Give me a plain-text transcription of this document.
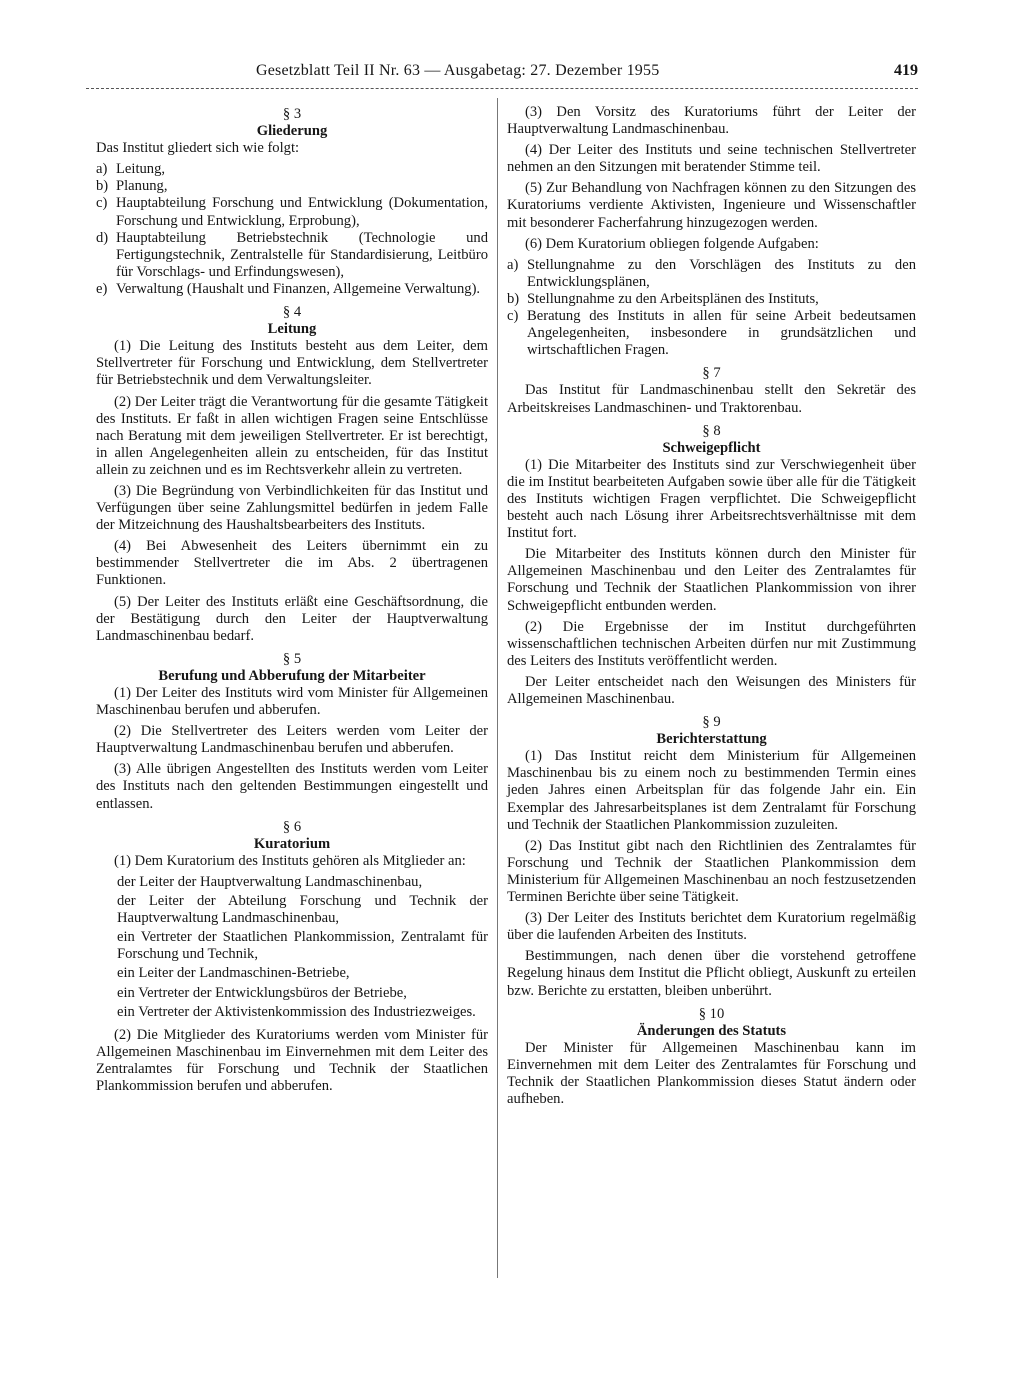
Gesetzblatt Teil II Nr. 63 — Ausgabetag: 27. Dezember 1955	419
§ 3
Gliederung

Das Institut gliedert sich wie folgt:

a) Leitung,
b) Planung,
c) Hauptabteilung Forschung und Entwicklung (Dokumentation, Forschung und Entwicklung, Erprobung),
d) Hauptabteilung Betriebstechnik (Technologie und Fertigungstechnik, Zentralstelle für Standardisierung, Leitbüro für Vorschlags- und Erfindungswesen),
e) Verwaltung (Haushalt und Finanzen, Allgemeine Verwaltung).
§ 4
Leitung

(1) Die Leitung des Instituts besteht aus dem Leiter, dem Stellvertreter für Forschung und Entwicklung, dem Stellvertreter für Betriebstechnik und dem Verwaltungsleiter.

(2) Der Leiter trägt die Verantwortung für die gesamte Tätigkeit des Instituts. Er faßt in allen wichtigen Fragen seine Entschlüsse nach Beratung mit dem jeweiligen Stellvertreter. Er ist berechtigt, in allen Angelegenheiten allein zu entscheiden, für das Institut allein zu zeichnen und es im Rechtsverkehr allein zu vertreten.

(3) Die Begründung von Verbindlichkeiten für das Institut und Verfügungen über seine Zahlungsmittel bedürfen in jedem Falle der Mitzeichnung des Haushaltsbearbeiters des Instituts.

(4) Bei Abwesenheit des Leiters übernimmt ein zu bestimmender Stellvertreter die im Abs. 2 übertragenen Funktionen.

(5) Der Leiter des Instituts erläßt eine Geschäftsordnung, die der Bestätigung durch den Leiter der Hauptverwaltung Landmaschinenbau bedarf.

§ 5
Berufung und Abberufung der Mitarbeiter

(1) Der Leiter des Instituts wird vom Minister für Allgemeinen Maschinenbau berufen und abberufen.

(2) Die Stellvertreter des Leiters werden vom Leiter der Hauptverwaltung Landmaschinenbau berufen und abberufen.

(3) Alle übrigen Angestellten des Instituts werden vom Leiter des Instituts nach den geltenden Bestimmungen eingestellt und entlassen.

§ 6
Kuratorium

(1) Dem Kuratorium des Instituts gehören als Mitglieder an:

der Leiter der Hauptverwaltung Landmaschinenbau,
der Leiter der Abteilung Forschung und Technik der Hauptverwaltung Landmaschinenbau,
ein Vertreter der Staatlichen Plankommission, Zentralamt für Forschung und Technik,
ein Leiter der Landmaschinen-Betriebe,
ein Vertreter der Entwicklungsbüros der Betriebe,
ein Vertreter der Aktivistenkommission des Industriezweiges.

(2) Die Mitglieder des Kuratoriums werden vom Minister für Allgemeinen Maschinenbau im Einvernehmen mit dem Leiter des Zentralamtes für Forschung und Technik der Staatlichen Plankommission berufen und abberufen.

(3) Den Vorsitz des Kuratoriums führt der Leiter der Hauptverwaltung Landmaschinenbau.

(4) Der Leiter des Instituts und seine technischen Stellvertreter nehmen an den Sitzungen mit beratender Stimme teil.

(5) Zur Behandlung von Nachfragen können zu den Sitzungen des Kuratoriums verdiente Aktivisten, Ingenieure und Wissenschaftler mit besonderer Facherfahrung hinzugezogen werden.

(6) Dem Kuratorium obliegen folgende Aufgaben:

a) Stellungnahme zu den Vorschlägen des Instituts zu den Entwicklungsplänen,
b) Stellungnahme zu den Arbeitsplänen des Instituts,
c) Beratung des Instituts in allen für seine Arbeit bedeutsamen Angelegenheiten, insbesondere in grundsätzlichen und wirtschaftlichen Fragen.
§ 7

Das Institut für Landmaschinenbau stellt den Sekretär des Arbeitskreises Landmaschinen- und Traktorenbau.

§ 8
Schweigepflicht

(1) Die Mitarbeiter des Instituts sind zur Verschwiegenheit über die im Institut bearbeiteten Aufgaben sowie über alle für die Tätigkeit des Instituts wichtigen Fragen verpflichtet. Die Schweigepflicht besteht auch nach Lösung ihrer Arbeitsrechtsverhältnisse mit dem Institut fort.

Die Mitarbeiter des Instituts können durch den Minister für Allgemeinen Maschinenbau und den Leiter des Zentralamtes für Forschung und Technik der Staatlichen Plankommission von ihrer Schweigepflicht entbunden werden.

(2) Die Ergebnisse der im Institut durchgeführten wissenschaftlichen technischen Arbeiten dürfen nur mit Zustimmung des Leiters des Instituts veröffentlicht werden.

Der Leiter entscheidet nach den Weisungen des Ministers für Allgemeinen Maschinenbau.

§ 9
Berichterstattung

(1) Das Institut reicht dem Ministerium für Allgemeinen Maschinenbau bis zu einem noch zu bestimmenden Termin eines jeden Jahres einen Arbeitsplan für das folgende Jahr ein. Ein Exemplar des Jahresarbeitsplanes ist dem Zentralamt für Forschung und Technik der Staatlichen Plankommission zuzuleiten.

(2) Das Institut gibt nach den Richtlinien des Zentralamtes für Forschung und Technik der Staatlichen Plankommission dem Ministerium für Allgemeinen Maschinenbau an noch festzusetzenden Terminen Berichte über seine Tätigkeit.

(3) Der Leiter des Instituts berichtet dem Kuratorium regelmäßig über die laufenden Arbeiten des Instituts.

Bestimmungen, nach denen über die vorstehend getroffene Regelung hinaus dem Institut die Pflicht obliegt, Auskunft zu erteilen bzw. Berichte zu erstatten, bleiben unberührt.

§ 10
Änderungen des Statuts

Der Minister für Allgemeinen Maschinenbau kann im Einvernehmen mit dem Leiter des Zentralamtes für Forschung und Technik der Staatlichen Plankommission dieses Statut ändern oder aufheben.
